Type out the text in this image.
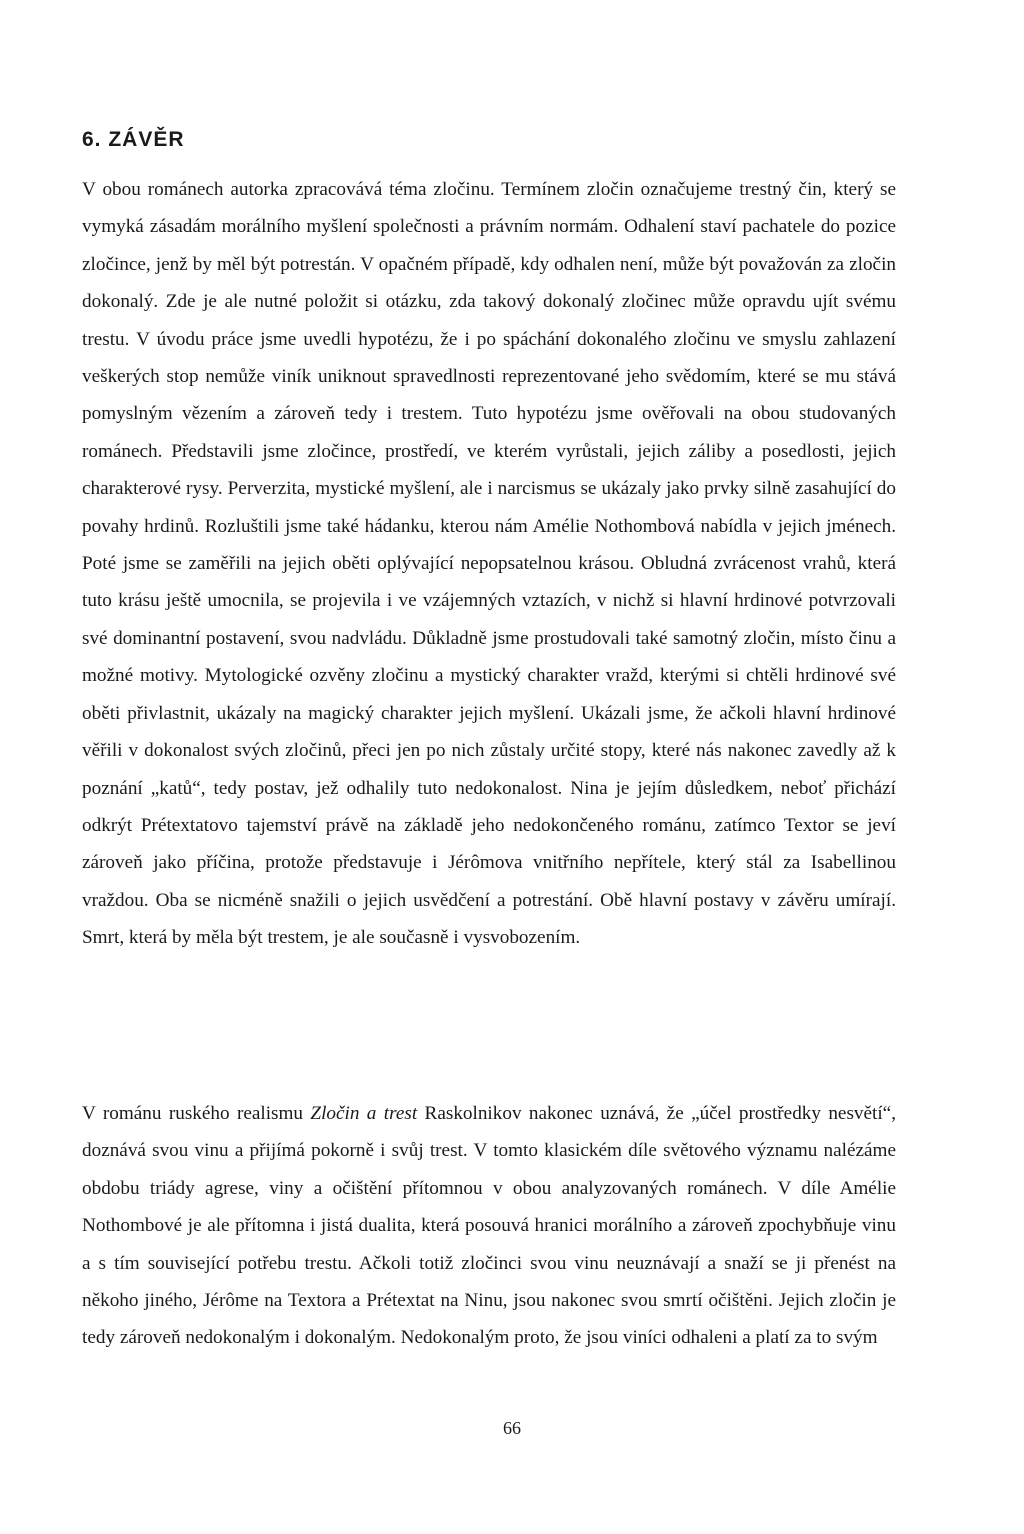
6. ZÁVĚR

V obou románech autorka zpracovává téma zločinu. Termínem zločin označujeme trestný čin, který se vymyká zásadám morálního myšlení společnosti a právním normám. Odhalení staví pachatele do pozice zločince, jenž by měl být potrestán. V opačném případě, kdy odhalen není, může být považován za zločin dokonalý. Zde je ale nutné položit si otázku, zda takový dokonalý zločinec může opravdu ujít svému trestu. V úvodu práce jsme uvedli hypotézu, že i po spáchání dokonalého zločinu ve smyslu zahlazení veškerých stop nemůže viník uniknout spravedlnosti reprezentované jeho svědomím, které se mu stává pomyslným vězením a zároveň tedy i trestem. Tuto hypotézu jsme ověřovali na obou studovaných románech. Představili jsme zločince, prostředí, ve kterém vyrůstali, jejich záliby a posedlosti, jejich charakterové rysy. Perverzita, mystické myšlení, ale i narcismus se ukázaly jako prvky silně zasahující do povahy hrdinů. Rozluštili jsme také hádanku, kterou nám Amélie Nothombová nabídla v jejich jménech. Poté jsme se zaměřili na jejich oběti oplývající nepopsatelnou krásou. Obludná zvrácenost vrahů, která tuto krásu ještě umocnila, se projevila i ve vzájemných vztazích, v nichž si hlavní hrdinové potvrzovali své dominantní postavení, svou nadvládu. Důkladně jsme prostudovali také samotný zločin, místo činu a možné motivy. Mytologické ozvěny zločinu a mystický charakter vražd, kterými si chtěli hrdinové své oběti přivlastnit, ukázaly na magický charakter jejich myšlení. Ukázali jsme, že ačkoli hlavní hrdinové věřili v dokonalost svých zločinů, přeci jen po nich zůstaly určité stopy, které nás nakonec zavedly až k poznání „katů“, tedy postav, jež odhalily tuto nedokonalost. Nina je jejím důsledkem, neboť přichází odkrýt Prétextatovo tajemství právě na základě jeho nedokončeného románu, zatímco Textor se jeví zároveň jako příčina, protože představuje i Jérômova vnitřního nepřítele, který stál za Isabellinou vraždou. Oba se nicméně snažili o jejich usvědčení a potrestání. Obě hlavní postavy v závěru umírají. Smrt, která by měla být trestem, je ale současně i vysvobozením.

V románu ruského realismu Zločin a trest Raskolnikov nakonec uznává, že „účel prostředky nesvětí“, doznává svou vinu a přijímá pokorně i svůj trest. V tomto klasickém díle světového významu nalézáme obdobu triády agrese, viny a očištění přítomnou v obou analyzovaných románech. V díle Amélie Nothombové je ale přítomna i jistá dualita, která posouvá hranici morálního a zároveň zpochybňuje vinu a s tím související potřebu trestu. Ačkoli totiž zločinci svou vinu neuznávají a snaží se ji přenést na někoho jiného, Jérôme na Textora a Prétextat na Ninu, jsou nakonec svou smrtí očištěni. Jejich zločin je tedy zároveň nedokonalým i dokonalým. Nedokonalým proto, že jsou viníci odhaleni a platí za to svým

66
